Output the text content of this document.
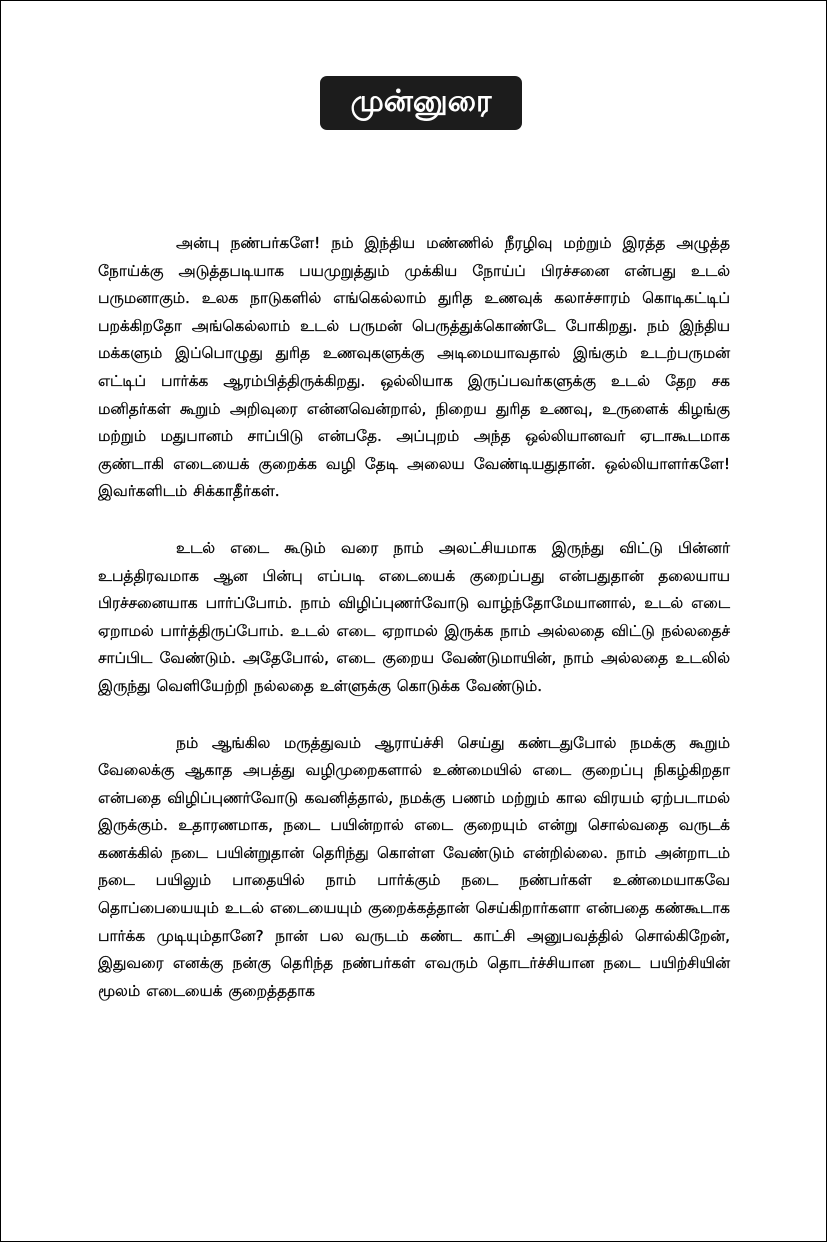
முன்னுரை

அன்பு நண்பர்களே! நம் இந்திய மண்ணில் நீரழிவு மற்றும் இரத்த அழுத்த நோய்க்கு அடுத்தபடியாக பயமுறுத்தும் முக்கிய நோய்ப் பிரச்சனை என்பது உடல் பருமனாகும். உலக நாடுகளில் எங்கெல்லாம் துரித உணவுக் கலாச்சாரம் கொடிகட்டிப் பறக்கிறதோ அங்கெல்லாம் உடல் பருமன் பெருத்துக்கொண்டே போகிறது. நம் இந்திய மக்களும் இப்பொழுது துரித உணவுகளுக்கு அடிமையாவதால் இங்கும் உடற்பருமன் எட்டிப் பார்க்க ஆரம்பித்திருக்கிறது. ஒல்லியாக இருப்பவர்களுக்கு உடல் தேற சக மனிதர்கள் கூறும் அறிவுரை என்னவென்றால், நிறைய துரித உணவு, உருளைக் கிழங்கு மற்றும் மதுபானம் சாப்பிடு என்பதே. அப்புறம் அந்த ஒல்லியானவர் ஏடாகூடமாக குண்டாகி எடையைக் குறைக்க வழி தேடி அலைய வேண்டியதுதான். ஒல்லியாளர்களே! இவர்களிடம் சிக்காதீர்கள்.

உடல் எடை கூடும் வரை நாம் அலட்சியமாக இருந்து விட்டு பின்னர் உபத்திரவமாக ஆன பின்பு எப்படி எடையைக் குறைப்பது என்பதுதான் தலையாய பிரச்சனையாக பார்ப்போம். நாம் விழிப்புணர்வோடு வாழ்ந்தோமேயானால், உடல் எடை ஏறாமல் பார்த்திருப்போம். உடல் எடை ஏறாமல் இருக்க நாம் அல்லதை விட்டு நல்லதைச் சாப்பிட வேண்டும். அதேபோல், எடை குறைய வேண்டுமாயின், நாம் அல்லதை உடலில் இருந்து வெளியேற்றி நல்லதை உள்ளுக்கு கொடுக்க வேண்டும்.

நம் ஆங்கில மருத்துவம் ஆராய்ச்சி செய்து கண்டதுபோல் நமக்கு கூறும் வேலைக்கு ஆகாத அபத்து வழிமுறைகளால் உண்மையில் எடை குறைப்பு நிகழ்கிறதா என்பதை விழிப்புணர்வோடு கவனித்தால், நமக்கு பணம் மற்றும் கால விரயம் ஏற்படாமல் இருக்கும். உதாரணமாக, நடை பயின்றால் எடை குறையும் என்று சொல்வதை வருடக் கணக்கில் நடை பயின்றுதான் தெரிந்து கொள்ள வேண்டும் என்றில்லை. நாம் அன்றாடம் நடை பயிலும் பாதையில் நாம் பார்க்கும் நடை நண்பர்கள் உண்மையாகவே தொப்பையையும் உடல் எடையையும் குறைக்கத்தான் செய்கிறார்களா என்பதை கண்கூடாக பார்க்க முடியும்தானே? நான் பல வருடம் கண்ட காட்சி அனுபவத்தில் சொல்கிறேன், இதுவரை எனக்கு நன்கு தெரிந்த நண்பர்கள் எவரும் தொடர்ச்சியான நடை பயிற்சியின் மூலம் எடையைக் குறைத்ததாக
